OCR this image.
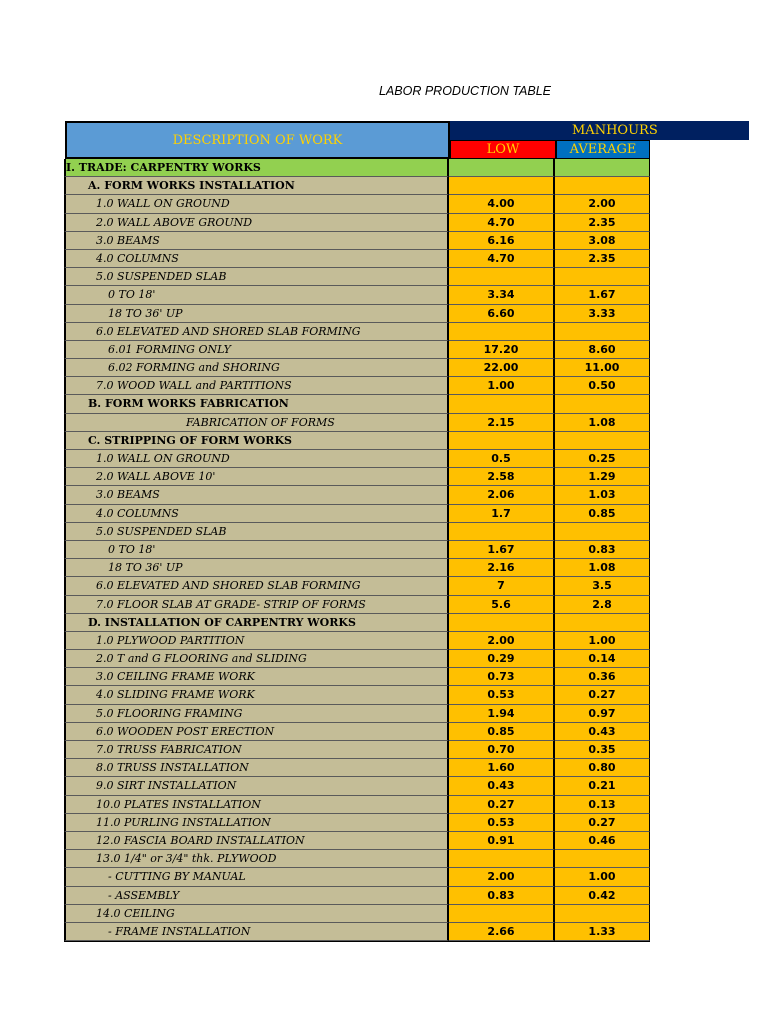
LABOR PRODUCTION TABLE
DESCRIPTION OF WORK
MANHOURS
LOW	AVERAGE
I. TRADE: CARPENTRY WORKS
A. FORM WORKS INSTALLATION
1.0 WALL ON GROUND	4.00	2.00
2.0 WALL ABOVE GROUND	4.70	2.35
3.0 BEAMS	6.16	3.08
4.0 COLUMNS	4.70	2.35
5.0 SUSPENDED SLAB
0 TO 18'	3.34	1.67
18 TO 36' UP	6.60	3.33
6.0 ELEVATED AND SHORED SLAB FORMING
6.01 FORMING ONLY	17.20	8.60
6.02 FORMING and SHORING	22.00	11.00
7.0 WOOD WALL and PARTITIONS	1.00	0.50
B. FORM WORKS FABRICATION
FABRICATION OF FORMS	2.15	1.08
C. STRIPPING OF FORM WORKS
1.0 WALL ON GROUND	0.5	0.25
2.0 WALL ABOVE 10'	2.58	1.29
3.0 BEAMS	2.06	1.03
4.0 COLUMNS	1.7	0.85
5.0 SUSPENDED SLAB
0 TO 18'	1.67	0.83
18 TO 36' UP	2.16	1.08
6.0 ELEVATED AND SHORED SLAB FORMING	7	3.5
7.0 FLOOR SLAB AT GRADE- STRIP OF FORMS	5.6	2.8
D. INSTALLATION OF CARPENTRY WORKS
1.0 PLYWOOD PARTITION	2.00	1.00
2.0 T and G FLOORING and SLIDING	0.29	0.14
3.0 CEILING FRAME WORK	0.73	0.36
4.0 SLIDING FRAME WORK	0.53	0.27
5.0 FLOORING FRAMING	1.94	0.97
6.0 WOODEN POST ERECTION	0.85	0.43
7.0 TRUSS FABRICATION	0.70	0.35
8.0 TRUSS INSTALLATION	1.60	0.80
9.0 SIRT INSTALLATION	0.43	0.21
10.0 PLATES INSTALLATION	0.27	0.13
11.0 PURLING INSTALLATION	0.53	0.27
12.0 FASCIA BOARD INSTALLATION	0.91	0.46
13.0 1/4" or 3/4" thk. PLYWOOD
- CUTTING BY MANUAL	2.00	1.00
- ASSEMBLY	0.83	0.42
14.0 CEILING
- FRAME INSTALLATION	2.66	1.33
